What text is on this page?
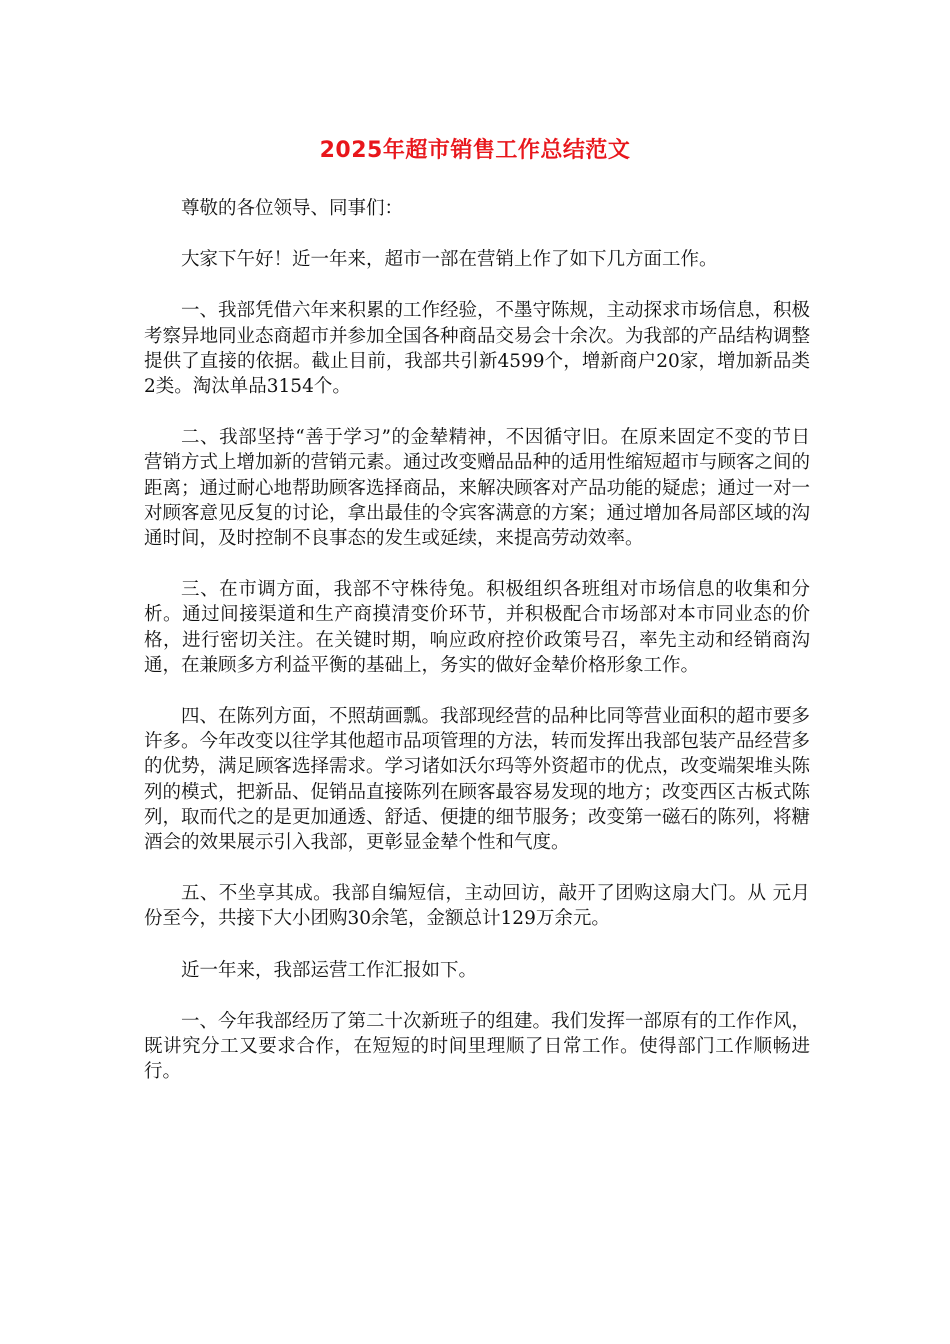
2025年超市销售工作总结范文

尊敬的各位领导、同事们：

大家下午好！近一年来，超市一部在营销上作了如下几方面工作。

一、我部凭借六年来积累的工作经验，不墨守陈规，主动探求市场信息，积极考察异地同业态商超市并参加全国各种商品交易会十余次。为我部的产品结构调整提供了直接的依据。截止目前，我部共引新4599个，增新商户20家，增加新品类2类。淘汰单品3154个。

二、我部坚持“善于学习”的金辇精神，不因循守旧。在原来固定不变的节日营销方式上增加新的营销元素。通过改变赠品品种的适用性缩短超市与顾客之间的距离；通过耐心地帮助顾客选择商品，来解决顾客对产品功能的疑虑；通过一对一对顾客意见反复的讨论，拿出最佳的令宾客满意的方案；通过增加各局部区域的沟通时间，及时控制不良事态的发生或延续，来提高劳动效率。

三、在市调方面，我部不守株待兔。积极组织各班组对市场信息的收集和分析。通过间接渠道和生产商摸清变价环节，并积极配合市场部对本市同业态的价格，进行密切关注。在关键时期，响应政府控价政策号召，率先主动和经销商沟通，在兼顾多方利益平衡的基础上，务实的做好金辇价格形象工作。

四、在陈列方面，不照葫画瓢。我部现经营的品种比同等营业面积的超市要多许多。今年改变以往学其他超市品项管理的方法，转而发挥出我部包装产品经营多的优势，满足顾客选择需求。学习诸如沃尔玛等外资超市的优点，改变端架堆头陈列的模式，把新品、促销品直接陈列在顾客最容易发现的地方；改变西区古板式陈列，取而代之的是更加通透、舒适、便捷的细节服务；改变第一磁石的陈列，将糖酒会的效果展示引入我部，更彰显金辇个性和气度。

五、不坐享其成。我部自编短信，主动回访，敲开了团购这扇大门。从 元月份至今，共接下大小团购30余笔，金额总计129万余元。

近一年来，我部运营工作汇报如下。

一、今年我部经历了第二十次新班子的组建。我们发挥一部原有的工作作风，既讲究分工又要求合作，在短短的时间里理顺了日常工作。使得部门工作顺畅进行。
